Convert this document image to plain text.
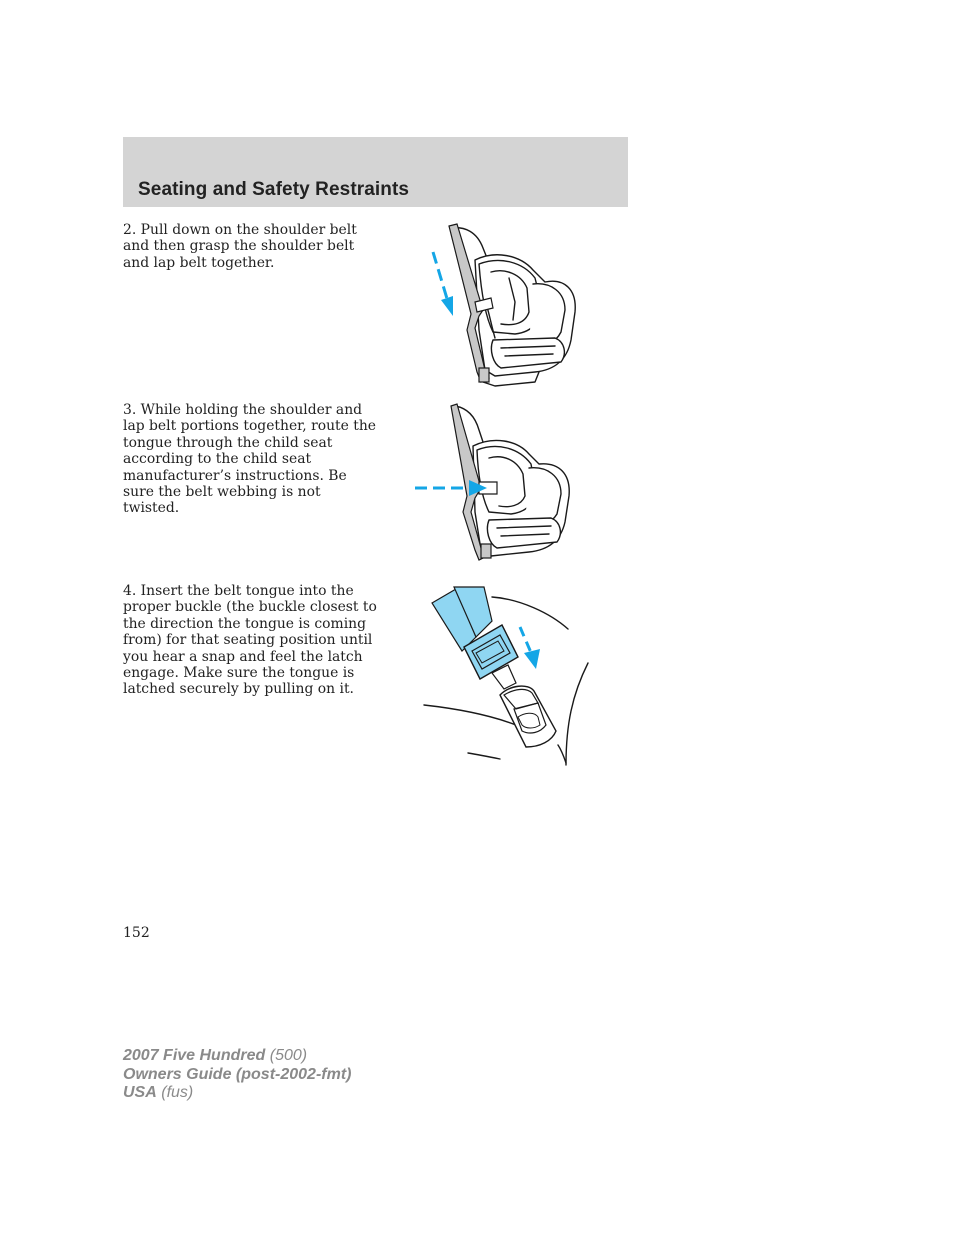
Seating and Safety Restraints

2. Pull down on the shoulder belt and then grasp the shoulder belt and lap belt together.

3. While holding the shoulder and lap belt portions together, route the tongue through the child seat according to the child seat manufacturer’s instructions. Be sure the belt webbing is not twisted.

4. Insert the belt tongue into the proper buckle (the buckle closest to the direction the tongue is coming from) for that seating position until you hear a snap and feel the latch engage. Make sure the tongue is latched securely by pulling on it.

152

2007 Five Hundred (500)
Owners Guide (post-2002-fmt)
USA (fus)
